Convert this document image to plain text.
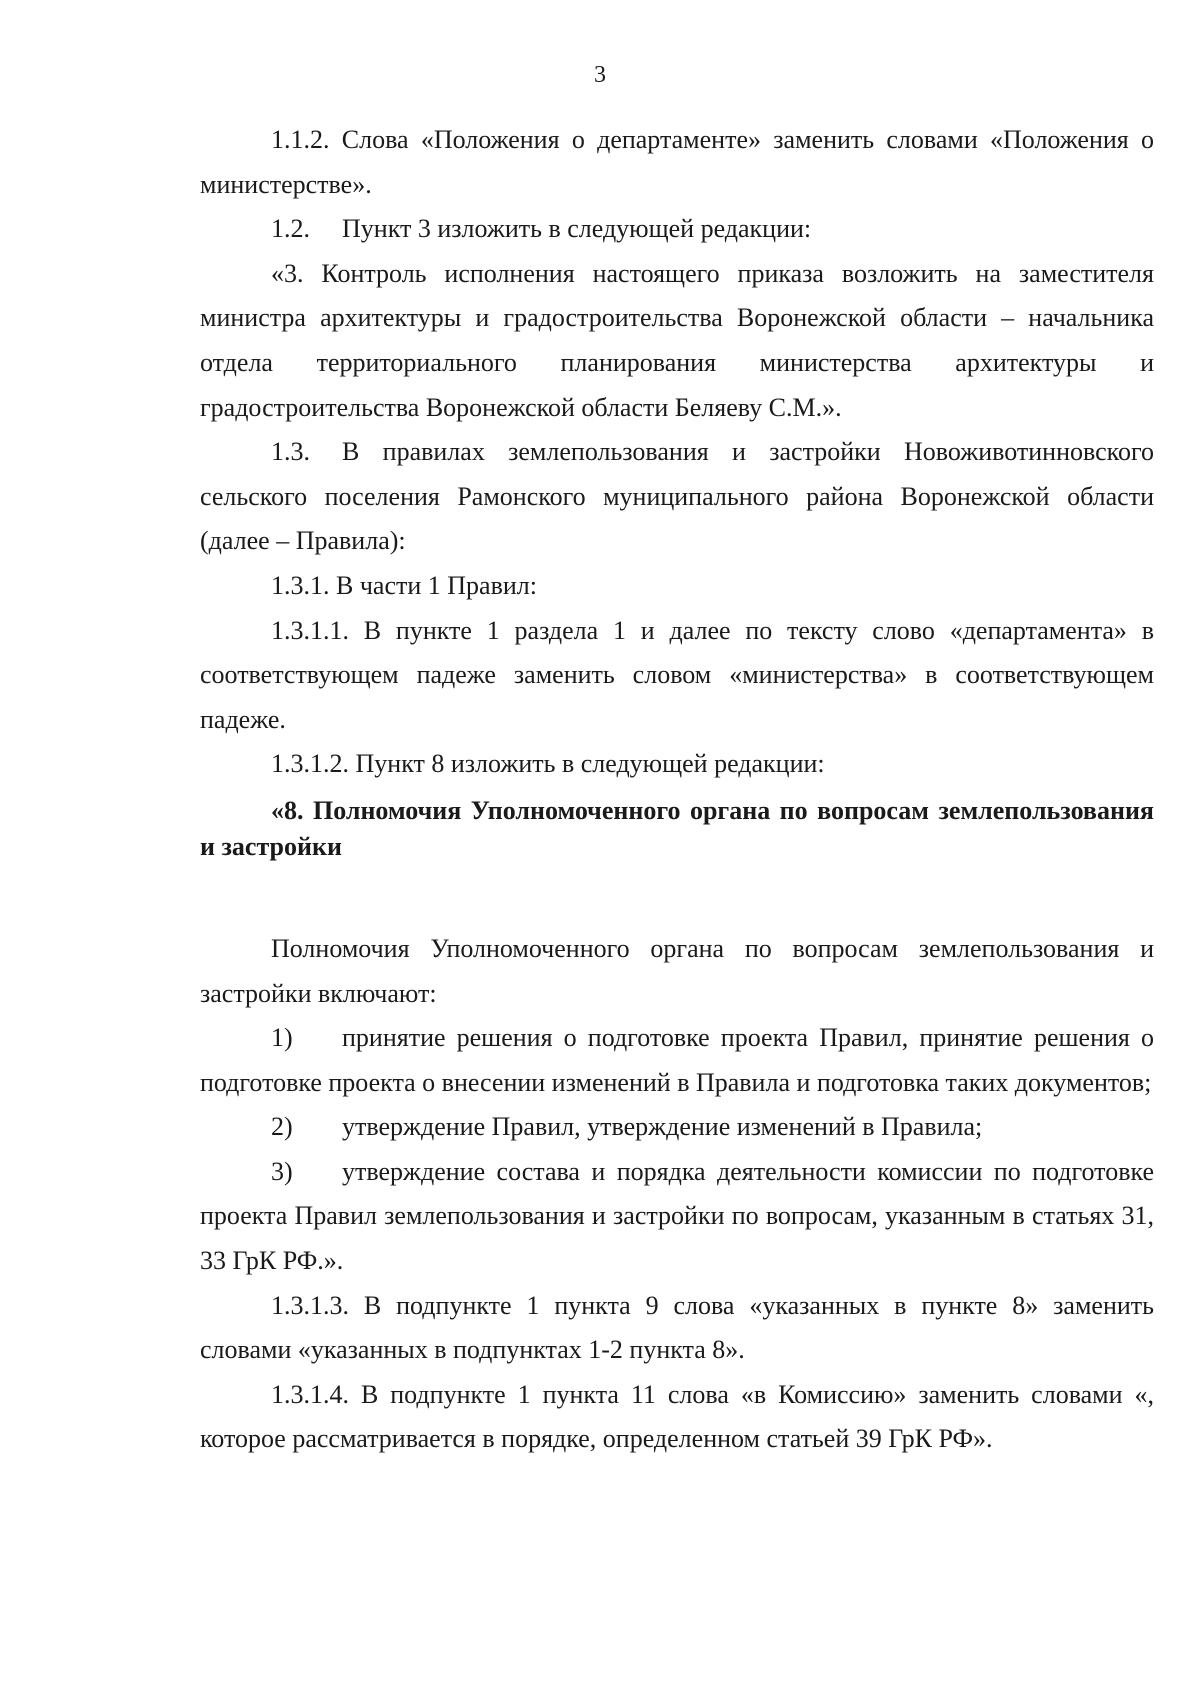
3

1.1.2. Слова «Положения о департаменте» заменить словами «Положения о министерстве».

1.2. Пункт 3 изложить в следующей редакции:

«3. Контроль исполнения настоящего приказа возложить на заместителя министра архитектуры и градостроительства Воронежской области – начальника отдела территориального планирования министерства архитектуры и градостроительства Воронежской области Беляеву С.М.».

1.3. В правилах землепользования и застройки Новоживотинновского сельского поселения Рамонского муниципального района Воронежской области (далее – Правила):

1.3.1. В части 1 Правил:

1.3.1.1. В пункте 1 раздела 1 и далее по тексту слово «департамента» в соответствующем падеже заменить словом «министерства» в соответствующем падеже.

1.3.1.2. Пункт 8 изложить в следующей редакции:

«8. Полномочия Уполномоченного органа по вопросам землепользования и застройки

Полномочия Уполномоченного органа по вопросам землепользования и застройки включают:

1) принятие решения о подготовке проекта Правил, принятие решения о подготовке проекта о внесении изменений в Правила и подготовка таких документов;

2) утверждение Правил, утверждение изменений в Правила;

3) утверждение состава и порядка деятельности комиссии по подготовке проекта Правил землепользования и застройки по вопросам, указанным в статьях 31, 33 ГрК РФ.».

1.3.1.3. В подпункте 1 пункта 9 слова «указанных в пункте 8» заменить словами «указанных в подпунктах 1-2 пункта 8».

1.3.1.4. В подпункте 1 пункта 11 слова «в Комиссию» заменить словами «, которое рассматривается в порядке, определенном статьей 39 ГрК РФ».
